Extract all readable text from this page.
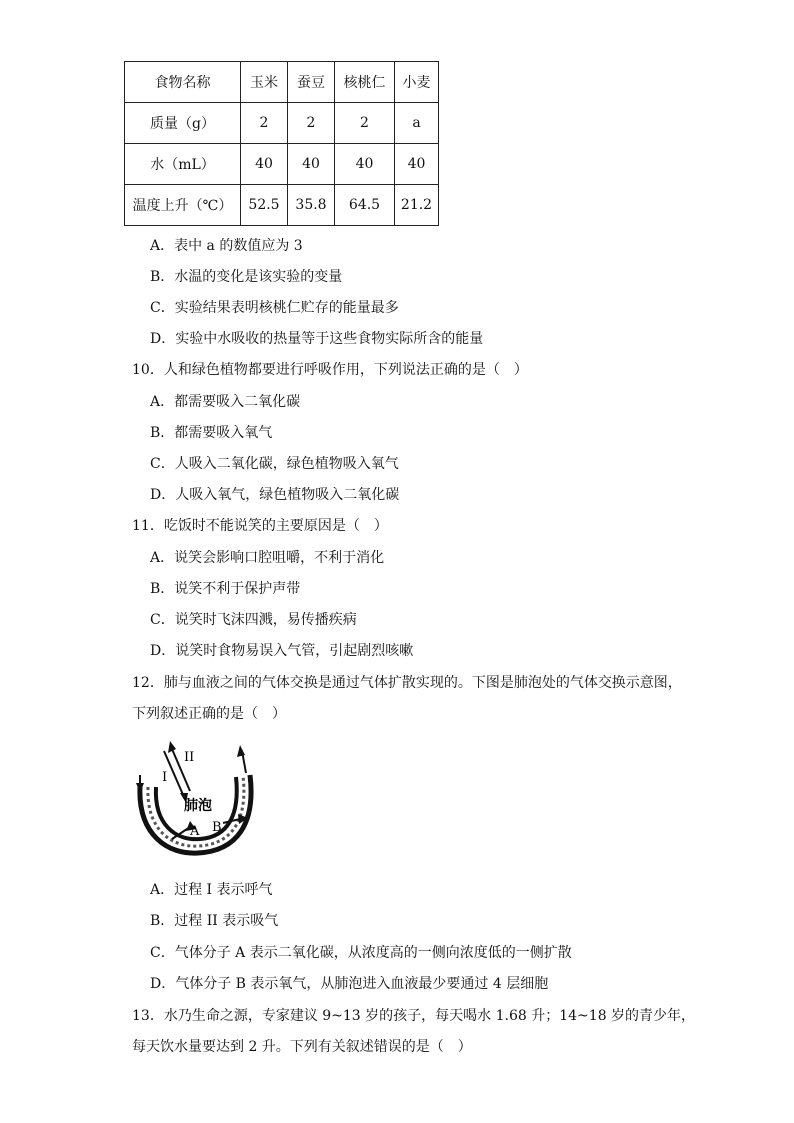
食物名称	玉米	蚕豆	核桃仁	小麦
质量（g）	2	2	2	a
水（mL）	40	40	40	40
温度上升（℃）	52.5	35.8	64.5	21.2
A．表中 a 的数值应为 3
B．水温的变化是该实验的变量
C．实验结果表明核桃仁贮存的能量最多
D．实验中水吸收的热量等于这些食物实际所含的能量
10．人和绿色植物都要进行呼吸作用，下列说法正确的是（　）
A．都需要吸入二氧化碳
B．都需要吸入氧气
C．人吸入二氧化碳，绿色植物吸入氧气
D．人吸入氧气，绿色植物吸入二氧化碳
11．吃饭时不能说笑的主要原因是（　）
A．说笑会影响口腔咀嚼，不利于消化
B．说笑不利于保护声带
C．说笑时飞沫四溅，易传播疾病
D．说笑时食物易误入气管，引起剧烈咳嗽
12．肺与血液之间的气体交换是通过气体扩散实现的。下图是肺泡处的气体交换示意图，
下列叙述正确的是（　）
I
II
肺泡
A B
A．过程 I 表示呼气
B．过程 II 表示吸气
C．气体分子 A 表示二氧化碳，从浓度高的一侧向浓度低的一侧扩散
D．气体分子 B 表示氧气，从肺泡进入血液最少要通过 4 层细胞
13．水乃生命之源，专家建议 9~13 岁的孩子，每天喝水 1.68 升；14~18 岁的青少年，
每天饮水量要达到 2 升。下列有关叙述错误的是（　）
